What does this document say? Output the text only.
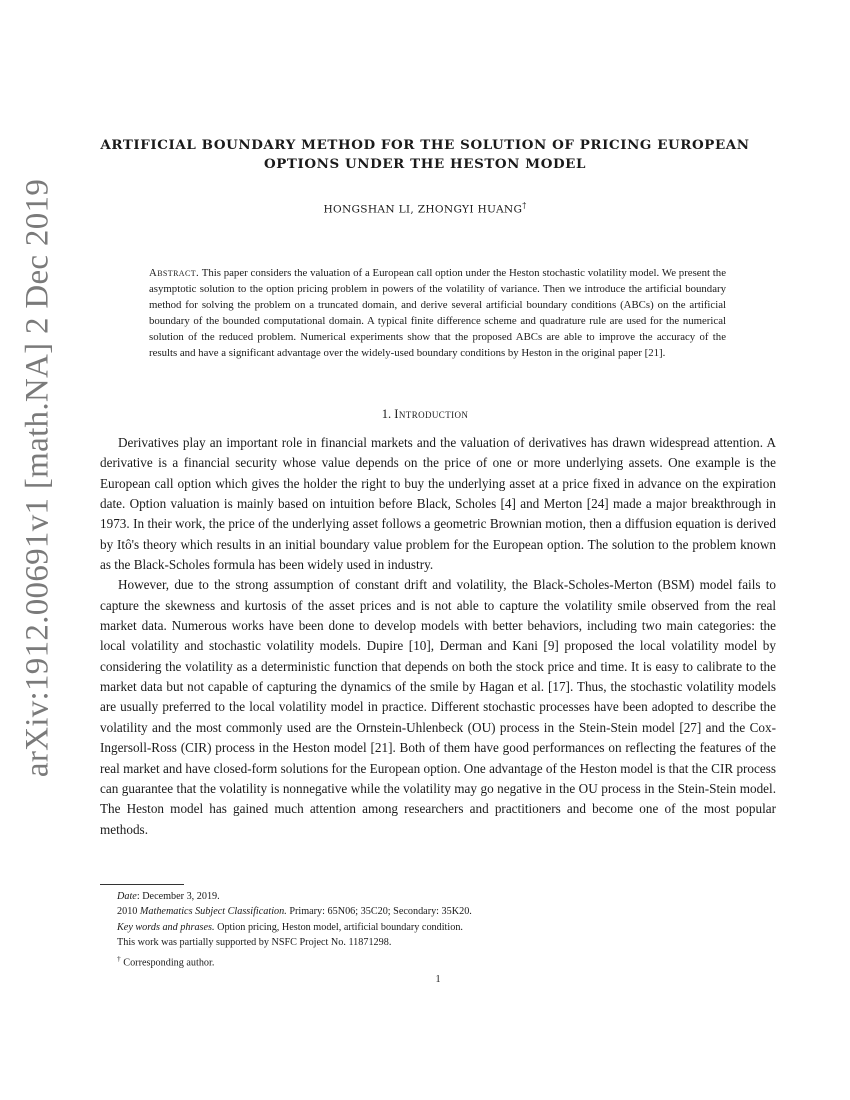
arXiv:1912.00691v1 [math.NA] 2 Dec 2019
ARTIFICIAL BOUNDARY METHOD FOR THE SOLUTION OF PRICING EUROPEAN
OPTIONS UNDER THE HESTON MODEL
HONGSHAN LI, ZHONGYI HUANG†
Abstract. This paper considers the valuation of a European call option under the Heston stochastic volatility model. We present the asymptotic solution to the option pricing problem in powers of the volatility of variance. Then we introduce the artificial boundary method for solving the problem on a truncated domain, and derive several artificial boundary conditions (ABCs) on the artificial boundary of the bounded computational domain. A typical finite difference scheme and quadrature rule are used for the numerical solution of the reduced problem. Numerical experiments show that the proposed ABCs are able to improve the accuracy of the results and have a significant advantage over the widely-used boundary conditions by Heston in the original paper [21].
1. Introduction

Derivatives play an important role in financial markets and the valuation of derivatives has drawn widespread attention. A derivative is a financial security whose value depends on the price of one or more underlying assets. One example is the European call option which gives the holder the right to buy the underlying asset at a price fixed in advance on the expiration date. Option valuation is mainly based on intuition before Black, Scholes [4] and Merton [24] made a major breakthrough in 1973. In their work, the price of the underlying asset follows a geometric Brownian motion, then a diffusion equation is derived by Itô's theory which results in an initial boundary value problem for the European option. The solution to the problem known as the Black-Scholes formula has been widely used in industry.

However, due to the strong assumption of constant drift and volatility, the Black-Scholes-Merton (BSM) model fails to capture the skewness and kurtosis of the asset prices and is not able to capture the volatility smile observed from the real market data. Numerous works have been done to develop models with better behaviors, including two main categories: the local volatility and stochastic volatility models. Dupire [10], Derman and Kani [9] proposed the local volatility model by considering the volatility as a deterministic function that depends on both the stock price and time. It is easy to calibrate to the market data but not capable of capturing the dynamics of the smile by Hagan et al. [17]. Thus, the stochastic volatility models are usually preferred to the local volatility model in practice. Different stochastic processes have been adopted to describe the volatility and the most commonly used are the Ornstein-Uhlenbeck (OU) process in the Stein-Stein model [27] and the Cox-Ingersoll-Ross (CIR) process in the Heston model [21]. Both of them have good performances on reflecting the features of the real market and have closed-form solutions for the European option. One advantage of the Heston model is that the CIR process can guarantee that the volatility is nonnegative while the volatility may go negative in the OU process in the Stein-Stein model. The Heston model has gained much attention among researchers and practitioners and become one of the most popular methods.

Date: December 3, 2019.
2010 Mathematics Subject Classification. Primary: 65N06; 35C20; Secondary: 35K20.
Key words and phrases. Option pricing, Heston model, artificial boundary condition.
This work was partially supported by NSFC Project No. 11871298.
† Corresponding author.
1
